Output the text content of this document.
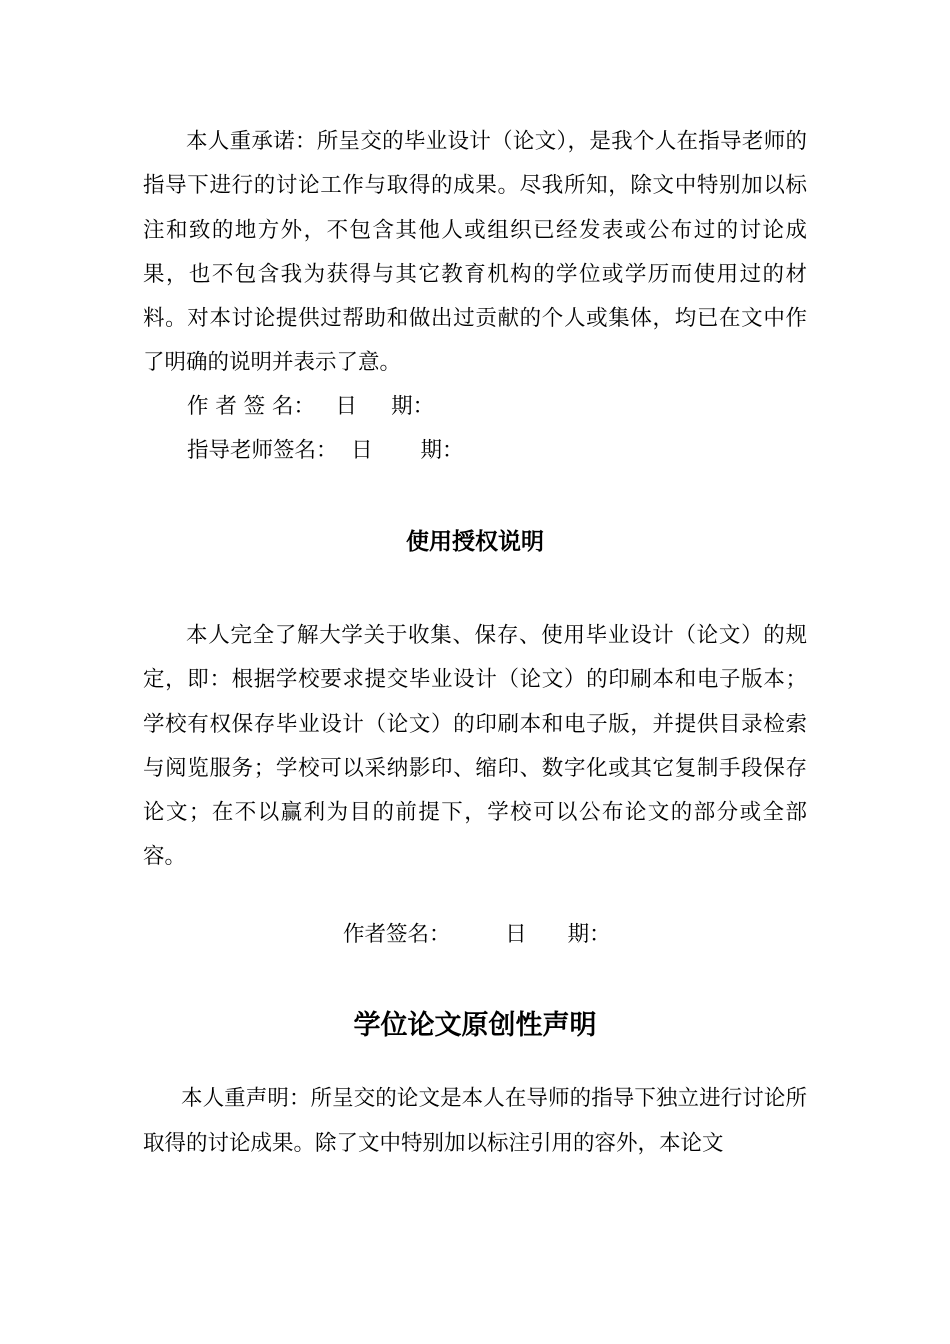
本人重承诺：所呈交的毕业设计（论文），是我个人在指导老师的指导下进行的讨论工作与取得的成果。尽我所知，除文中特别加以标注和致的地方外，不包含其他人或组织已经发表或公布过的讨论成果，也不包含我为获得与其它教育机构的学位或学历而使用过的材料。对本讨论提供过帮助和做出过贡献的个人或集体，均已在文中作了明确的说明并表示了意。

作 者 签 名：   日     期：
指导老师签名：  日       期：
使用授权说明

本人完全了解大学关于收集、保存、使用毕业设计（论文）的规定，即：根据学校要求提交毕业设计（论文）的印刷本和电子版本；学校有权保存毕业设计（论文）的印刷本和电子版，并提供目录检索与阅览服务；学校可以采纳影印、缩印、数字化或其它复制手段保存论文；在不以赢利为目的前提下，学校可以公布论文的部分或全部容。

作者签名：        日      期：
学位论文原创性声明

本人重声明：所呈交的论文是本人在导师的指导下独立进行讨论所取得的讨论成果。除了文中特别加以标注引用的容外，本论文
